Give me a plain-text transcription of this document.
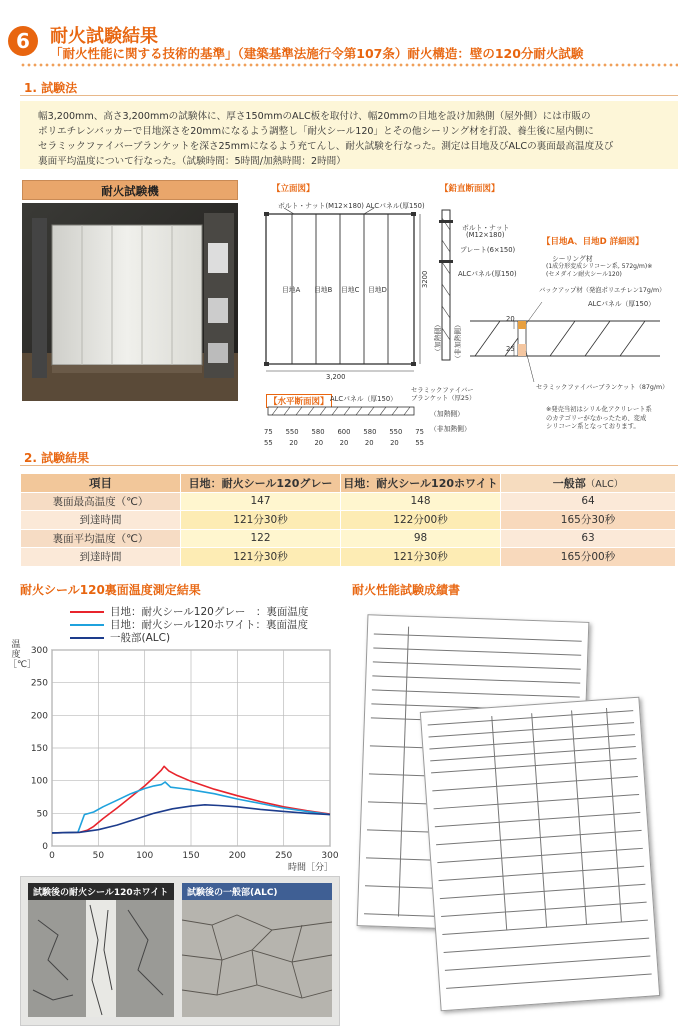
6	耐火試験結果
「耐火性能に関する技術的基準」（建築基準法施行令第107条）耐火構造：壁の120分耐火試験
1. 試験法
幅3,200mm、高さ3,200mmの試験体に、厚さ150mmのALC板を取付け、幅20mmの目地を設け加熱側（屋外側）には市販の
ポリエチレンバッカーで目地深さを20mmになるよう調整し「耐火シール120」とその他シーリング材を打設、養生後に屋内側に
セラミックファイバーブランケットを深さ25mmになるよう充てんし、耐火試験を行なった。測定は目地及びALCの裏面最高温度及び
裏面平均温度について行なった。（試験時間：5時間/加熱時間：2時間）
耐火試験機	【立面図】
ボルト・ナット(M12×180) ALCパネル(厚150)
目地A 目地B 目地C 目地D
3200
3,200
【鉛直断面図】
ボルト・ナット
(M12×180)
プレート(6×150)
ALCパネル(厚150)
（加熱側） （非加熱側）
【目地A、目地D 詳細図】
シーリング材
(1成分形変成シリコーン系, 572g/m)※
(セメダイン耐火シール120)
バックアップ材（発泡ポリエチレン17g/m）
ALCパネル（厚150）
20
25
セラミックファイバーブランケット（87g/m）
【水平断面図】 ALCパネル（厚150）
セラミックファイバー
ブランケット（厚25）
（加熱側）
（非加熱側）
75 550 580 600 580 550 75
55 20 20 20 20 20 55
※発売当初はシリル化アクリレート系
のカテゴリーがなかったため、変成
シリコーン系となっております。
2. 試験結果
項目	目地：耐火シール120グレー	目地：耐火シール120ホワイト	一般部（ALC）
裏面最高温度（℃）	147	148	64
到達時間	121分30秒	122分00秒	165分30秒
裏面平均温度（℃）	122	98	63
到達時間	121分30秒	121分30秒	165分00秒
耐火シール120裏面温度測定結果
目地：耐火シール120グレー　：裏面温度
目地：耐火シール120ホワイト：裏面温度
一般部(ALC)
温度［℃］
0
50
100
150
200
250
300
0	50	100	150	200	250	300
時間［分］
試験後の耐火シール120ホワイト	試験後の一般部(ALC)
耐火性能試験成績書
